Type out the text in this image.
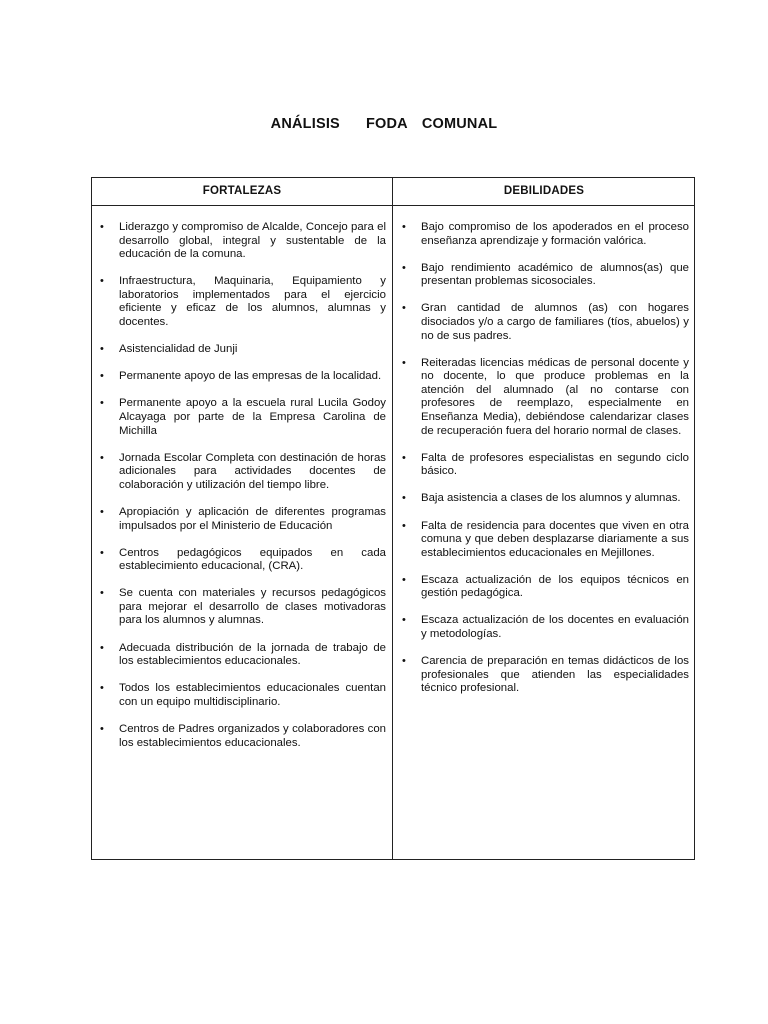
ANÁLISIS FODA COMUNAL
FORTALEZAS	DEBILIDADES
• Liderazgo y compromiso de Alcalde, Concejo para el desarrollo global, integral y sustentable de la educación de la comuna.
• Infraestructura, Maquinaria, Equipamiento y laboratorios implementados para el ejercicio eficiente y eficaz de los alumnos, alumnas y docentes.
• Asistencialidad de Junji
• Permanente apoyo de las empresas de la localidad.
• Permanente apoyo a la escuela rural Lucila Godoy Alcayaga por parte de la Empresa Carolina de Michilla
• Jornada Escolar Completa con destinación de horas adicionales para actividades docentes de colaboración y utilización del tiempo libre.
• Apropiación y aplicación de diferentes programas impulsados por el Ministerio de Educación
• Centros pedagógicos equipados en cada establecimiento educacional, (CRA).
• Se cuenta con materiales y recursos pedagógicos para mejorar el desarrollo de clases motivadoras para los alumnos y alumnas.
• Adecuada distribución de la jornada de trabajo de los establecimientos educacionales.
• Todos los establecimientos educacionales cuentan con un equipo multidisciplinario.
• Centros de Padres organizados y colaboradores con los establecimientos educacionales.
• Bajo compromiso de los apoderados en el proceso enseñanza aprendizaje y formación valórica.
• Bajo rendimiento académico de alumnos(as) que presentan problemas sicosociales.
• Gran cantidad de alumnos (as) con hogares disociados y/o a cargo de familiares (tíos, abuelos) y no de sus padres.
• Reiteradas licencias médicas de personal docente y no docente, lo que produce problemas en la atención del alumnado (al no contarse con profesores de reemplazo, especialmente en Enseñanza Media), debiéndose calendarizar clases de recuperación fuera del horario normal de clases.
• Falta de profesores especialistas en segundo ciclo básico.
• Baja asistencia a clases de los alumnos y alumnas.
• Falta de residencia para docentes que viven en otra comuna y que deben desplazarse diariamente a sus establecimientos educacionales en Mejillones.
• Escaza actualización de los equipos técnicos en gestión pedagógica.
• Escaza actualización de los docentes en evaluación y metodologías.
• Carencia de preparación en temas didácticos de los profesionales que atienden las especialidades técnico profesional.
